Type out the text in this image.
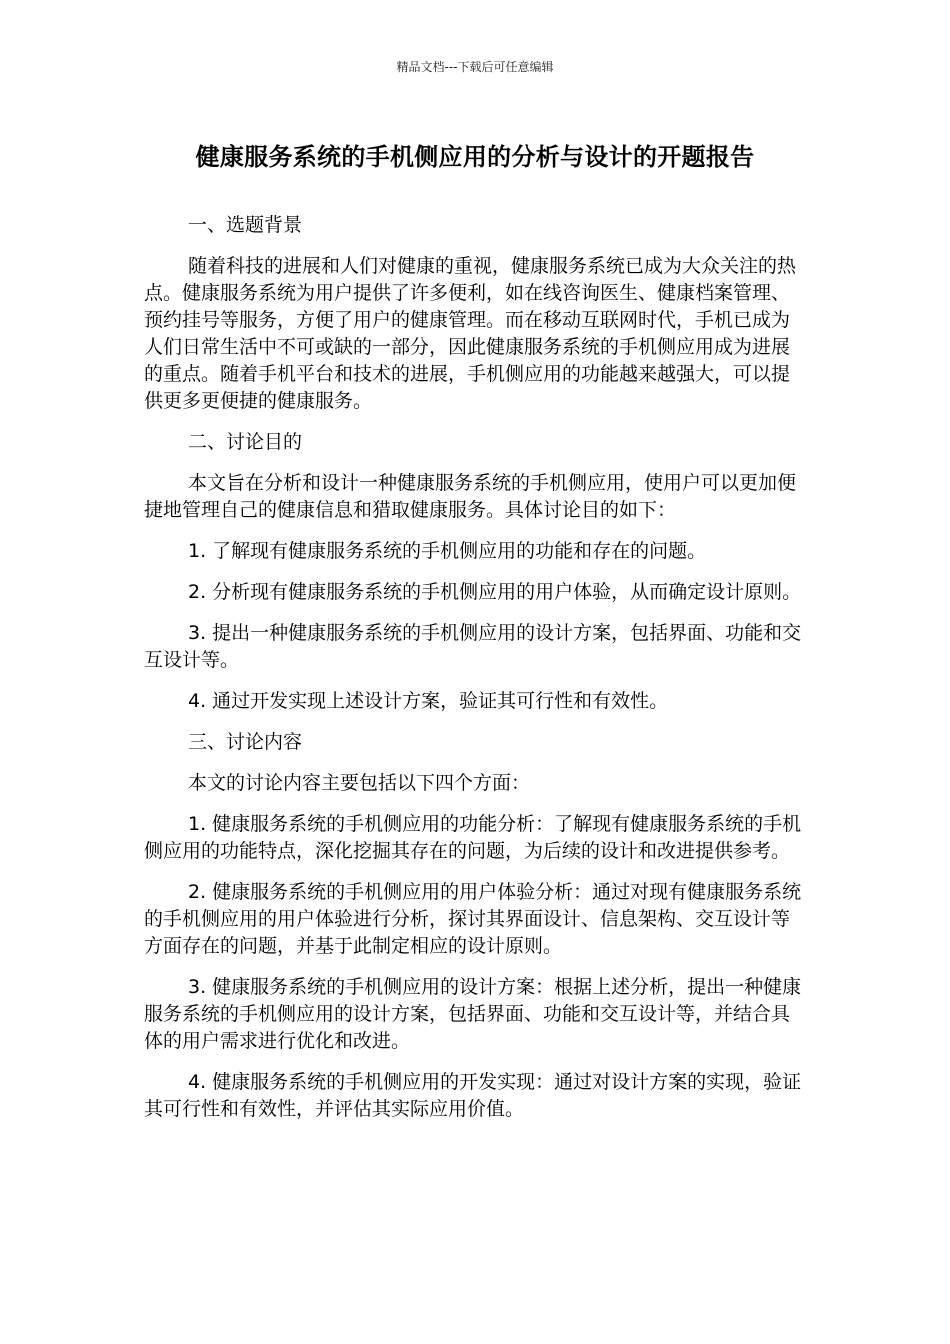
精品文档---下载后可任意编辑
健康服务系统的手机侧应用的分析与设计的开题报告

一、选题背景

随着科技的进展和人们对健康的重视，健康服务系统已成为大众关注的热点。健康服务系统为用户提供了许多便利，如在线咨询医生、健康档案管理、预约挂号等服务，方便了用户的健康管理。而在移动互联网时代，手机已成为人们日常生活中不可或缺的一部分，因此健康服务系统的手机侧应用成为进展的重点。随着手机平台和技术的进展，手机侧应用的功能越来越强大，可以提供更多更便捷的健康服务。

二、讨论目的

本文旨在分析和设计一种健康服务系统的手机侧应用，使用户可以更加便捷地管理自己的健康信息和猎取健康服务。具体讨论目的如下：

1. 了解现有健康服务系统的手机侧应用的功能和存在的问题。

2. 分析现有健康服务系统的手机侧应用的用户体验，从而确定设计原则。

3. 提出一种健康服务系统的手机侧应用的设计方案，包括界面、功能和交互设计等。

4. 通过开发实现上述设计方案，验证其可行性和有效性。

三、讨论内容

本文的讨论内容主要包括以下四个方面：

1. 健康服务系统的手机侧应用的功能分析：了解现有健康服务系统的手机侧应用的功能特点，深化挖掘其存在的问题，为后续的设计和改进提供参考。

2. 健康服务系统的手机侧应用的用户体验分析：通过对现有健康服务系统的手机侧应用的用户体验进行分析，探讨其界面设计、信息架构、交互设计等方面存在的问题，并基于此制定相应的设计原则。

3. 健康服务系统的手机侧应用的设计方案：根据上述分析，提出一种健康服务系统的手机侧应用的设计方案，包括界面、功能和交互设计等，并结合具体的用户需求进行优化和改进。

4. 健康服务系统的手机侧应用的开发实现：通过对设计方案的实现，验证其可行性和有效性，并评估其实际应用价值。
